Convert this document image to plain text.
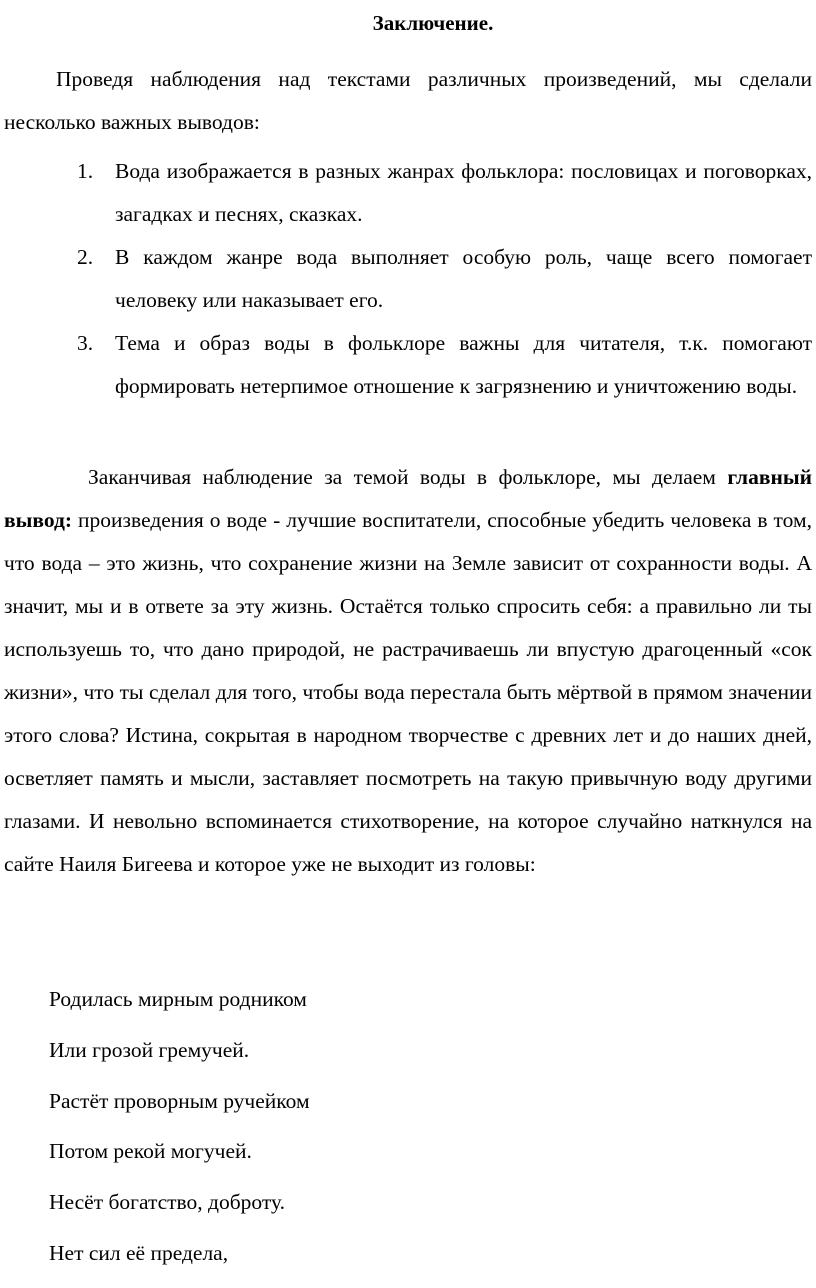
Заключение.

Проведя наблюдения над текстами различных произведений, мы сделали несколько важных выводов:

1. Вода изображается в разных жанрах фольклора: пословицах и поговорках, загадках и песнях, сказках.
2. В каждом жанре вода выполняет особую роль, чаще всего помогает человеку или наказывает его.
3. Тема и образ воды в фольклоре важны для читателя, т.к. помогают формировать нетерпимое отношение к загрязнению и уничтожению воды.

Заканчивая наблюдение за темой воды в фольклоре, мы делаем главный вывод: произведения о воде - лучшие воспитатели, способные убедить человека в том, что вода – это жизнь, что сохранение жизни на Земле зависит от сохранности воды. А значит, мы и в ответе за эту жизнь. Остаётся только спросить себя: а правильно ли ты используешь то, что дано природой, не растрачиваешь ли впустую драгоценный «сок жизни», что ты сделал для того, чтобы вода перестала быть мёртвой в прямом значении этого слова? Истина, сокрытая в народном творчестве с древних лет и до наших дней, осветляет память и мысли, заставляет посмотреть на такую привычную воду другими глазами. И невольно вспоминается стихотворение, на которое случайно наткнулся на сайте Наиля Бигеева и которое уже не выходит из головы:

Родилась мирным родником
Или грозой гремучей.
Растёт проворным ручейком
Потом рекой могучей.
Несёт богатство, доброту.
Нет сил её предела,
